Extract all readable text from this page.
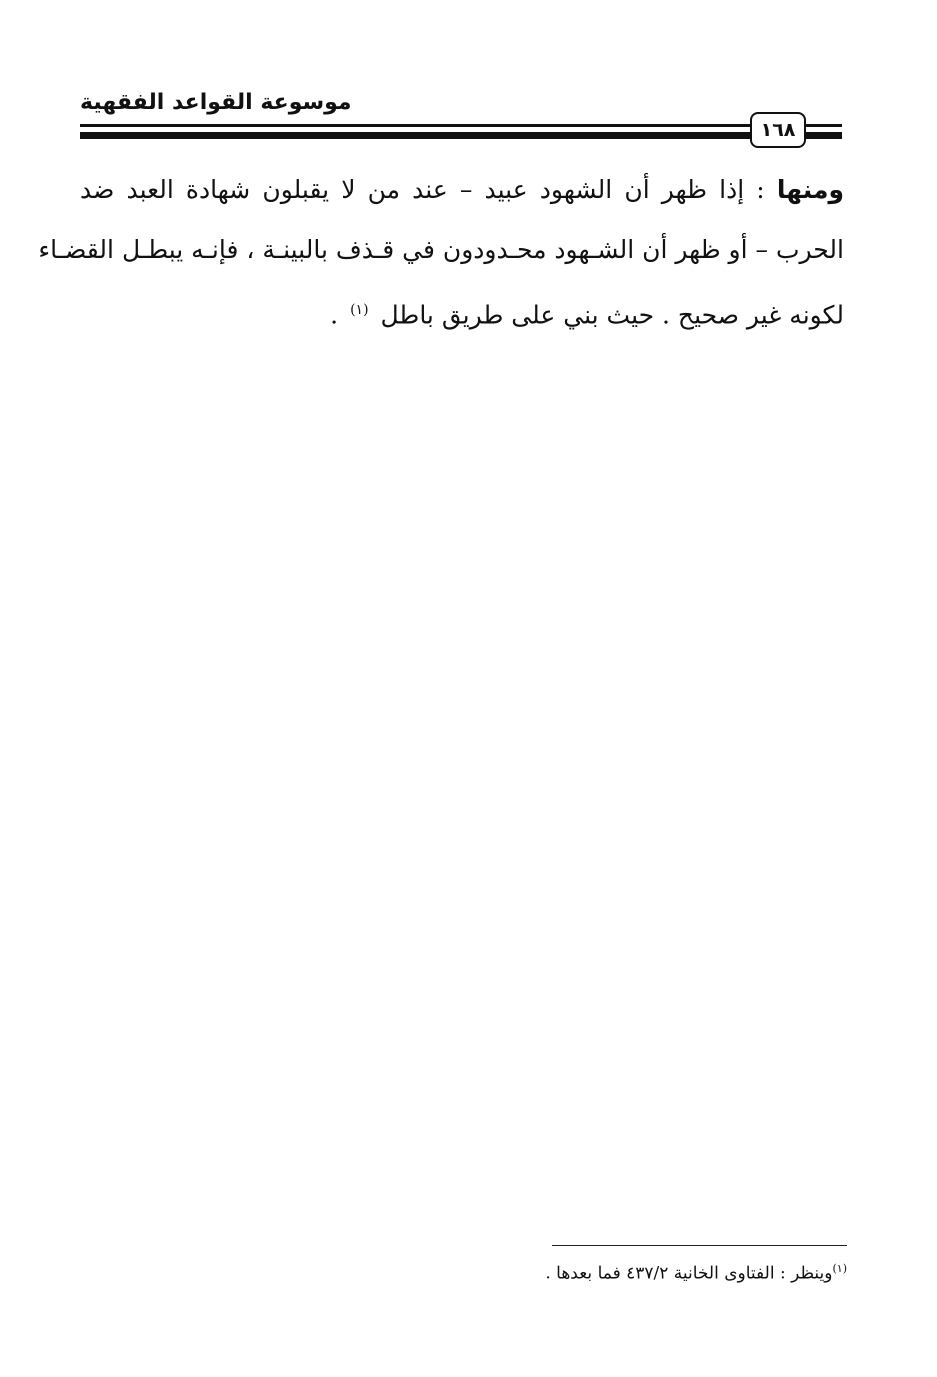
موسوعة القواعد الفقهية
١٦٨
ومنها : إذا ظهر أن الشهود عبيد – عند من لا يقبلون شهادة العبد ضد
الحرب – أو ظهر أن الشـهود محـدودون في قـذف بالبينـة ، فإنـه يبطـل القضـاء
لكونه غير صحيح . حيث بني على طريق باطل $^{(١)}$ .
$^{(١)}$وينظر : الفتاوى الخانية ٤٣٧/٢ فما بعدها .
